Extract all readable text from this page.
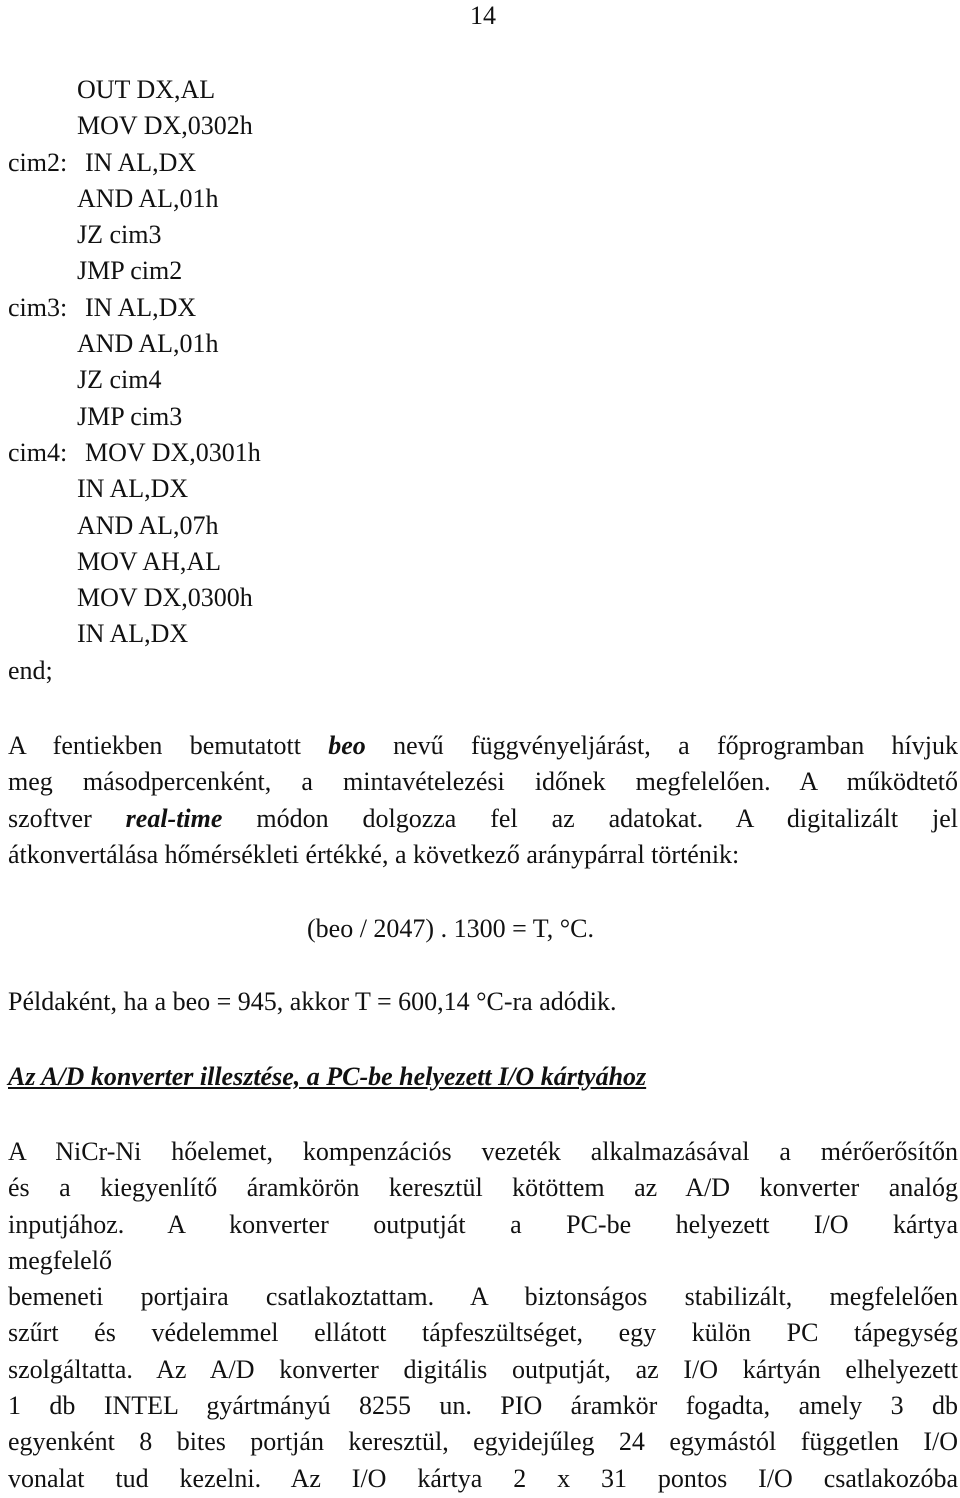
14
OUT DX,AL
MOV DX,0302h
cim2: IN AL,DX
AND AL,01h
JZ cim3
JMP cim2
cim3: IN AL,DX
AND AL,01h
JZ cim4
JMP cim3
cim4: MOV DX,0301h
IN AL,DX
AND AL,07h
MOV AH,AL
MOV DX,0300h
IN AL,DX
end;
A fentiekben bemutatott beo nevű függvényeljárást, a főprogramban hívjuk
meg másodpercenként, a mintavételezési időnek megfelelően. A működtető
szoftver real-time módon dolgozza fel az adatokat. A digitalizált jel
átkonvertálása hőmérsékleti értékké, a következő aránypárral történik:
(beo / 2047) . 1300 = T, °C.
Példaként, ha a beo = 945, akkor T = 600,14 °C-ra adódik.
Az A/D konverter illesztése, a PC-be helyezett I/O kártyához
A NiCr-Ni hőelemet, kompenzációs vezeték alkalmazásával a mérőerősítőn
és a kiegyenlítő áramkörön keresztül kötöttem az A/D konverter analóg
inputjához. A konverter outputját a PC-be helyezett I/O kártya
megfelelő
bemeneti portjaira csatlakoztattam. A biztonságos stabilizált, megfelelően
szűrt és védelemmel ellátott tápfeszültséget, egy külön PC tápegység
szolgáltatta. Az A/D konverter digitális outputját, az I/O kártyán elhelyezett
1 db INTEL gyártmányú 8255 un. PIO áramkör fogadta, amely 3 db
egyenként 8 bites portján keresztül, egyidejűleg 24 egymástól független I/O
vonalat tud kezelni. Az I/O kártya 2 x 31 pontos I/O csatlakozóba
